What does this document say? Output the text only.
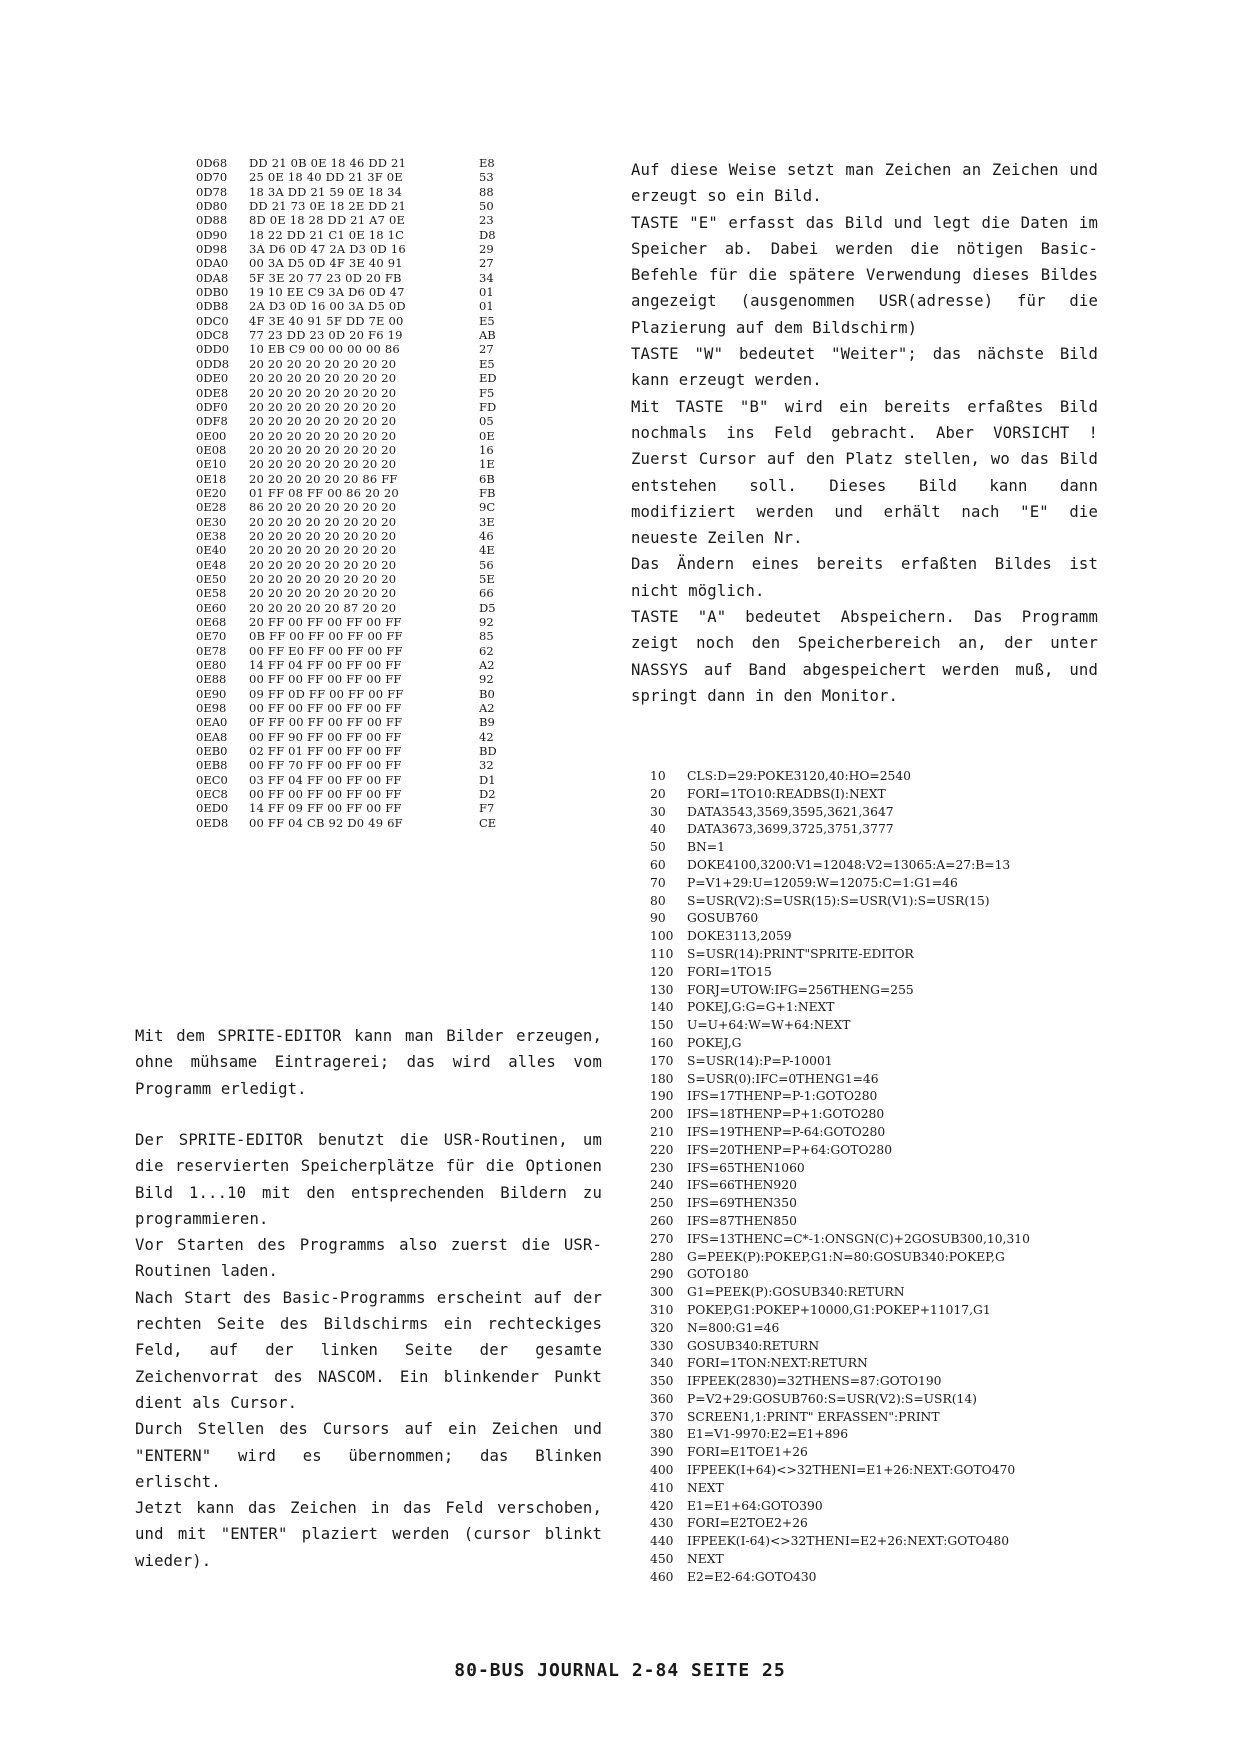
0D68 DD 21 0B 0E 18 46 DD 21	E8
0D70 25 0E 18 40 DD 21 3F 0E	53
0D78 18 3A DD 21 59 0E 18 34	88
0D80 DD 21 73 0E 18 2E DD 21	50
0D88 8D 0E 18 28 DD 21 A7 0E	23
0D90 18 22 DD 21 C1 0E 18 1C	D8
0D98 3A D6 0D 47 2A D3 0D 16	29
0DA0 00 3A D5 0D 4F 3E 40 91	27
0DA8 5F 3E 20 77 23 0D 20 FB	34
0DB0 19 10 EE C9 3A D6 0D 47	01
0DB8 2A D3 0D 16 00 3A D5 0D	01
0DC0 4F 3E 40 91 5F DD 7E 00	E5
0DC8 77 23 DD 23 0D 20 F6 19	AB
0DD0 10 EB C9 00 00 00 00 86	27
0DD8 20 20 20 20 20 20 20 20	E5
0DE0 20 20 20 20 20 20 20 20	ED
0DE8 20 20 20 20 20 20 20 20	F5
0DF0 20 20 20 20 20 20 20 20	FD
0DF8 20 20 20 20 20 20 20 20	05
0E00 20 20 20 20 20 20 20 20	0E
0E08 20 20 20 20 20 20 20 20	16
0E10 20 20 20 20 20 20 20 20	1E
0E18 20 20 20 20 20 20 86 FF	6B
0E20 01 FF 08 FF 00 86 20 20	FB
0E28 86 20 20 20 20 20 20 20	9C
0E30 20 20 20 20 20 20 20 20	3E
0E38 20 20 20 20 20 20 20 20	46
0E40 20 20 20 20 20 20 20 20	4E
0E48 20 20 20 20 20 20 20 20	56
0E50 20 20 20 20 20 20 20 20	5E
0E58 20 20 20 20 20 20 20 20	66
0E60 20 20 20 20 20 87 20 20	D5
0E68 20 FF 00 FF 00 FF 00 FF	92
0E70 0B FF 00 FF 00 FF 00 FF	85
0E78 00 FF E0 FF 00 FF 00 FF	62
0E80 14 FF 04 FF 00 FF 00 FF	A2
0E88 00 FF 00 FF 00 FF 00 FF	92
0E90 09 FF 0D FF 00 FF 00 FF	B0
0E98 00 FF 00 FF 00 FF 00 FF	A2
0EA0 0F FF 00 FF 00 FF 00 FF	B9
0EA8 00 FF 90 FF 00 FF 00 FF	42
0EB0 02 FF 01 FF 00 FF 00 FF	BD
0EB8 00 FF 70 FF 00 FF 00 FF	32
0EC0 03 FF 04 FF 00 FF 00 FF	D1
0EC8 00 FF 00 FF 00 FF 00 FF	D2
0ED0 14 FF 09 FF 00 FF 00 FF	F7
0ED8 00 FF 04 CB 92 D0 49 6F	CE

Auf diese Weise setzt man Zeichen an Zeichen und erzeugt so ein Bild.

TASTE "E" erfasst das Bild und legt die Daten im Speicher ab. Dabei werden die nötigen Basic-Befehle für die spätere Verwendung dieses Bildes angezeigt (ausgenommen USR(adresse) für die Plazierung auf dem Bildschirm)

TASTE "W" bedeutet "Weiter"; das nächste Bild kann erzeugt werden.

Mit TASTE "B" wird ein bereits erfaßtes Bild nochmals ins Feld gebracht. Aber VORSICHT ! Zuerst Cursor auf den Platz stellen, wo das Bild entstehen soll. Dieses Bild kann dann modifiziert werden und erhält nach "E" die neueste Zeilen Nr.

Das Ändern eines bereits erfaßten Bildes ist nicht möglich.

TASTE "A" bedeutet Abspeichern. Das Programm zeigt noch den Speicherbereich an, der unter NASSYS auf Band abgespeichert werden muß, und springt dann in den Monitor.

Mit dem SPRITE-EDITOR kann man Bilder erzeugen, ohne mühsame Eintragerei; das wird alles vom Programm erledigt.

Der SPRITE-EDITOR benutzt die USR-Routinen, um die reservierten Speicherplätze für die Optionen Bild 1...10 mit den entsprechenden Bildern zu programmieren.

Vor Starten des Programms also zuerst die USR-Routinen laden.

Nach Start des Basic-Programms erscheint auf der rechten Seite des Bildschirms ein rechteckiges Feld, auf der linken Seite der gesamte Zeichenvorrat des NASCOM. Ein blinkender Punkt dient als Cursor.

Durch Stellen des Cursors auf ein Zeichen und "ENTERN" wird es übernommen; das Blinken erlischt.

Jetzt kann das Zeichen in das Feld verschoben, und mit "ENTER" plaziert werden (cursor blinkt wieder).

10 CLS:D=29:POKE3120,40:HO=2540
20 FORI=1TO10:READBS(I):NEXT
30 DATA3543,3569,3595,3621,3647
40 DATA3673,3699,3725,3751,3777
50 BN=1
60 DOKE4100,3200:V1=12048:V2=13065:A=27:B=13
70 P=V1+29:U=12059:W=12075:C=1:G1=46
80 S=USR(V2):S=USR(15):S=USR(V1):S=USR(15)
90 GOSUB760
100 DOKE3113,2059
110 S=USR(14):PRINT"SPRITE-EDITOR
120 FORI=1TO15
130 FORJ=UTOW:IFG=256THENG=255
140 POKEJ,G:G=G+1:NEXT
150 U=U+64:W=W+64:NEXT
160 POKEJ,G
170 S=USR(14):P=P-10001
180 S=USR(0):IFC=0THENG1=46
190 IFS=17THENP=P-1:GOTO280
200 IFS=18THENP=P+1:GOTO280
210 IFS=19THENP=P-64:GOTO280
220 IFS=20THENP=P+64:GOTO280
230 IFS=65THEN1060
240 IFS=66THEN920
250 IFS=69THEN350
260 IFS=87THEN850
270 IFS=13THENC=C*-1:ONSGN(C)+2GOSUB300,10,310
280 G=PEEK(P):POKEP,G1:N=80:GOSUB340:POKEP,G
290 GOTO180
300 G1=PEEK(P):GOSUB340:RETURN
310 POKEP,G1:POKEP+10000,G1:POKEP+11017,G1
320 N=800:G1=46
330 GOSUB340:RETURN
340 FORI=1TON:NEXT:RETURN
350 IFPEEK(2830)=32THENS=87:GOTO190
360 P=V2+29:GOSUB760:S=USR(V2):S=USR(14)
370 SCREEN1,1:PRINT" ERFASSEN":PRINT
380 E1=V1-9970:E2=E1+896
390 FORI=E1TOE1+26
400 IFPEEK(I+64)<>32THENI=E1+26:NEXT:GOTO470
410 NEXT
420 E1=E1+64:GOTO390
430 FORI=E2TOE2+26
440 IFPEEK(I-64)<>32THENI=E2+26:NEXT:GOTO480
450 NEXT
460 E2=E2-64:GOTO430
80-BUS JOURNAL 2-84 SEITE 25
